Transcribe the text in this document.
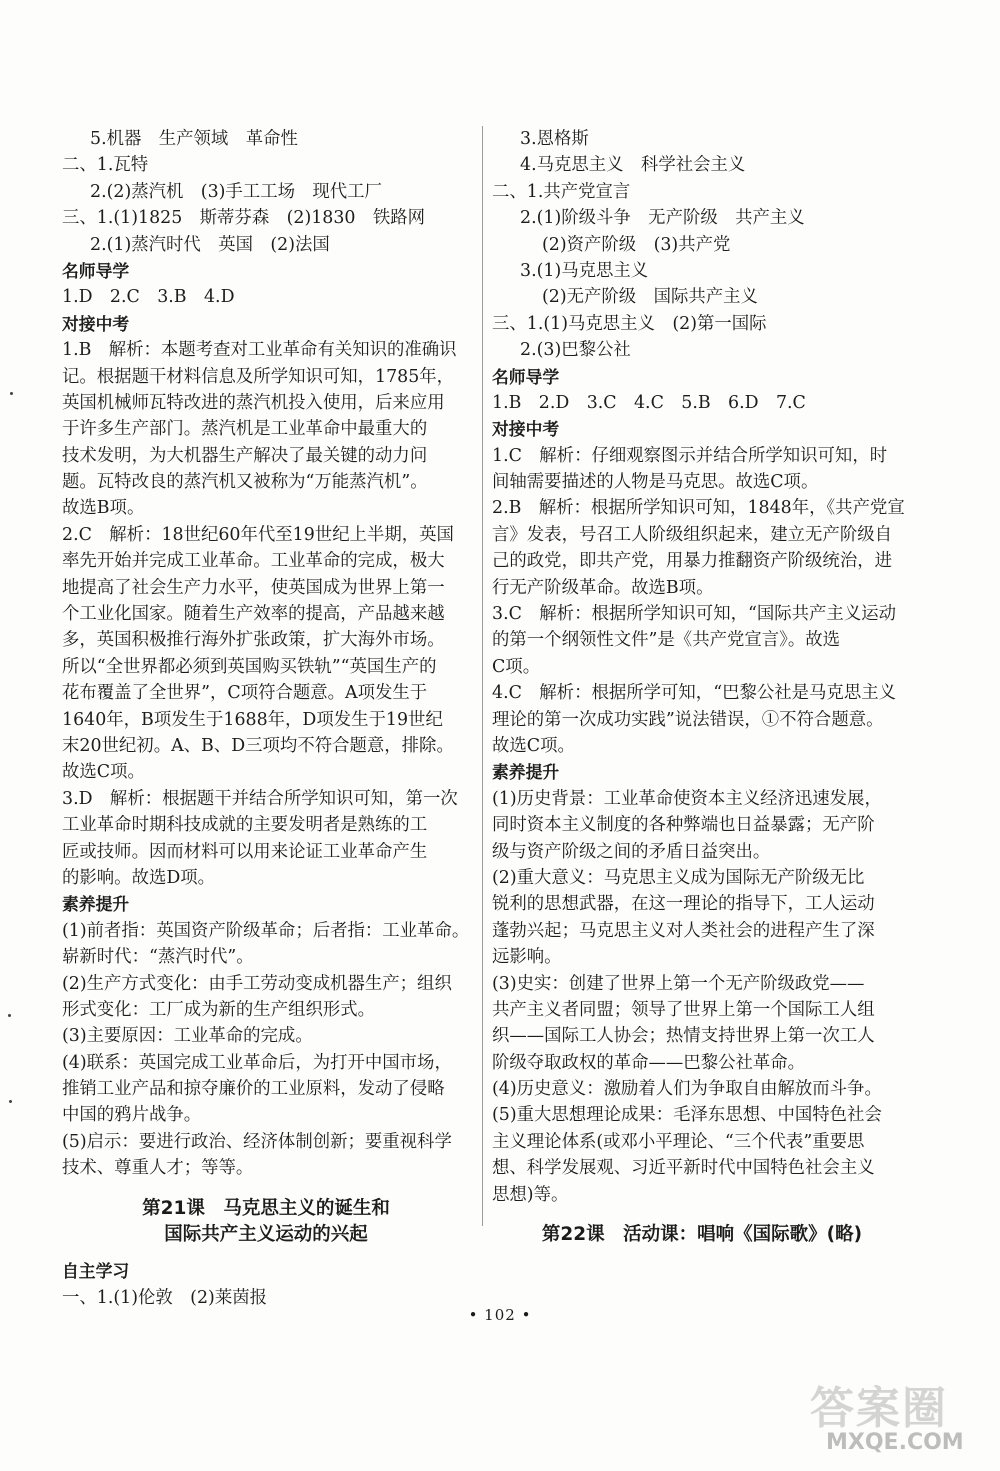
5.机器　生产领域　革命性
二、1.瓦特
2.(2)蒸汽机　(3)手工工场　现代工厂
三、1.(1)1825　斯蒂芬森　(2)1830　铁路网
2.(1)蒸汽时代　英国　(2)法国
名师导学
1.D　2.C　3.B　4.D
对接中考
1.B　解析：本题考查对工业革命有关知识的准确识
记。根据题干材料信息及所学知识可知，1785年，
英国机械师瓦特改进的蒸汽机投入使用，后来应用
于许多生产部门。蒸汽机是工业革命中最重大的
技术发明，为大机器生产解决了最关键的动力问
题。瓦特改良的蒸汽机又被称为“万能蒸汽机”。
故选B项。
2.C　解析：18世纪60年代至19世纪上半期，英国
率先开始并完成工业革命。工业革命的完成，极大
地提高了社会生产力水平，使英国成为世界上第一
个工业化国家。随着生产效率的提高，产品越来越
多，英国积极推行海外扩张政策，扩大海外市场。
所以“全世界都必须到英国购买铁轨”“英国生产的
花布覆盖了全世界”，C项符合题意。A项发生于
1640年，B项发生于1688年，D项发生于19世纪
末20世纪初。A、B、D三项均不符合题意，排除。
故选C项。
3.D　解析：根据题干并结合所学知识可知，第一次
工业革命时期科技成就的主要发明者是熟练的工
匠或技师。因而材料可以用来论证工业革命产生
的影响。故选D项。
素养提升
(1)前者指：英国资产阶级革命；后者指：工业革命。
崭新时代：“蒸汽时代”。
(2)生产方式变化：由手工劳动变成机器生产；组织
形式变化：工厂成为新的生产组织形式。
(3)主要原因：工业革命的完成。
(4)联系：英国完成工业革命后，为打开中国市场，
推销工业产品和掠夺廉价的工业原料，发动了侵略
中国的鸦片战争。
(5)启示：要进行政治、经济体制创新；要重视科学
技术、尊重人才；等等。
第21课　马克思主义的诞生和
国际共产主义运动的兴起
自主学习
一、1.(1)伦敦　(2)莱茵报
3.恩格斯
4.马克思主义　科学社会主义
二、1.共产党宣言
2.(1)阶级斗争　无产阶级　共产主义
(2)资产阶级　(3)共产党
3.(1)马克思主义
(2)无产阶级　国际共产主义
三、1.(1)马克思主义　(2)第一国际
2.(3)巴黎公社
名师导学
1.B　2.D　3.C　4.C　5.B　6.D　7.C
对接中考
1.C　解析：仔细观察图示并结合所学知识可知，时
间轴需要描述的人物是马克思。故选C项。
2.B　解析：根据所学知识可知，1848年，《共产党宣
言》发表，号召工人阶级组织起来，建立无产阶级自
己的政党，即共产党，用暴力推翻资产阶级统治，进
行无产阶级革命。故选B项。
3.C　解析：根据所学知识可知，“国际共产主义运动
的第一个纲领性文件”是《共产党宣言》。故选
C项。
4.C　解析：根据所学可知，“巴黎公社是马克思主义
理论的第一次成功实践”说法错误，①不符合题意。
故选C项。
素养提升
(1)历史背景：工业革命使资本主义经济迅速发展，
同时资本主义制度的各种弊端也日益暴露；无产阶
级与资产阶级之间的矛盾日益突出。
(2)重大意义：马克思主义成为国际无产阶级无比
锐利的思想武器，在这一理论的指导下，工人运动
蓬勃兴起；马克思主义对人类社会的进程产生了深
远影响。
(3)史实：创建了世界上第一个无产阶级政党——
共产主义者同盟；领导了世界上第一个国际工人组
织——国际工人协会；热情支持世界上第一次工人
阶级夺取政权的革命——巴黎公社革命。
(4)历史意义：激励着人们为争取自由解放而斗争。
(5)重大思想理论成果：毛泽东思想、中国特色社会
主义理论体系(或邓小平理论、“三个代表”重要思
想、科学发展观、习近平新时代中国特色社会主义
思想)等。
第22课　活动课：唱响《国际歌》(略)
• 102 •
答案圈
MXQE.COM
